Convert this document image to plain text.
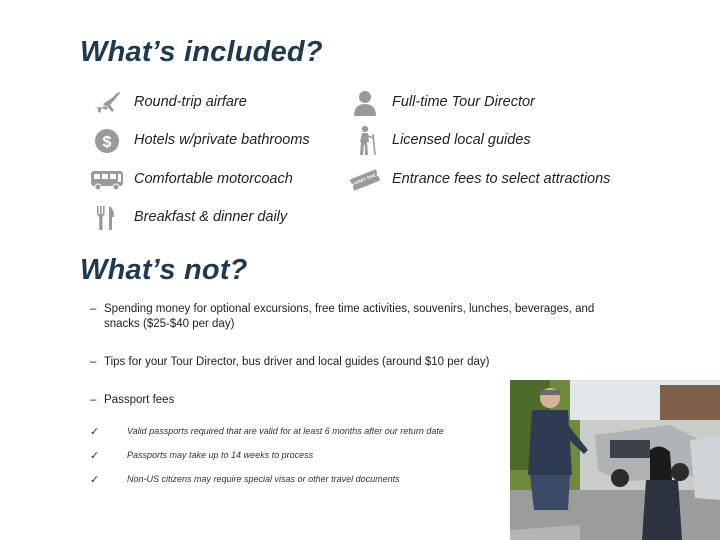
What’s included?
Round-trip airfare	Full-time Tour Director
$ Hotels w/private bathrooms	Licensed local guides
Comfortable motorcoach	ADMIT ONE Entrance fees to select attractions
Breakfast & dinner daily
What’s not?
– Spending money for optional excursions, free time activities, souvenirs, lunches, beverages, and snacks ($25-$40 per day)
– Tips for your Tour Director, bus driver and local guides (around $10 per day)
– Passport fees
✓	Valid passports required that are valid for at least 6 months after our return date
✓	Passports may take up to 14 weeks to process
✓	Non-US citizens may require special visas or other travel documents
